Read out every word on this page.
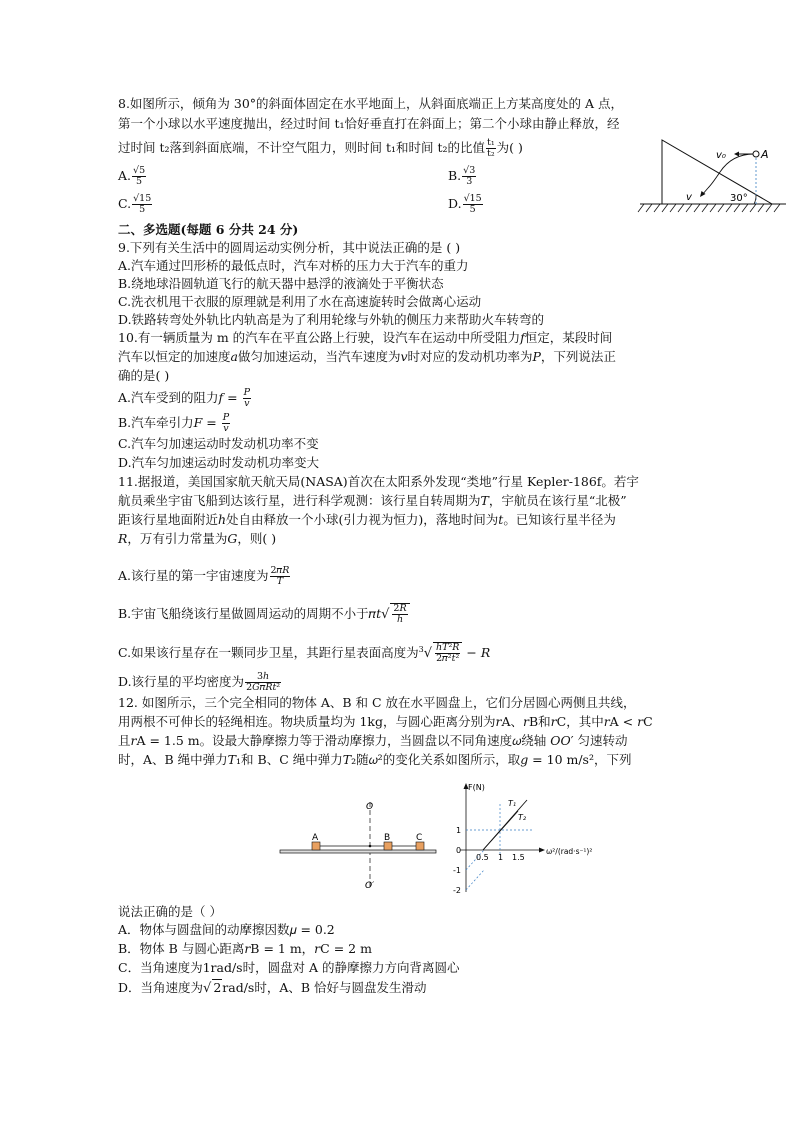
8.如图所示，倾角为 30°的斜面体固定在水平地面上，从斜面底端正上方某高度处的 A 点，
第一个小球以水平速度抛出，经过时间 t₁恰好垂直打在斜面上；第二个小球由静止释放，经
过时间 t₂落到斜面底端，不计空气阻力，则时间 t₁和时间 t₂的比值 $\frac{\text{t₁}}{\text{t₂}}$ 为( )
A. $\frac{√5}{5}$	B. $\frac{√3}{3}$
C. $\frac{√15}{5}$	D. $\frac{√15}{5}$
v₀	A
v	30°
二、多选题(每题 6 分共 24 分)
9.下列有关生活中的圆周运动实例分析，其中说法正确的是 ( )
A.汽车通过凹形桥的最低点时，汽车对桥的压力大于汽车的重力
B.绕地球沿圆轨道飞行的航天器中悬浮的液滴处于平衡状态
C.洗衣机甩干衣服的原理就是利用了水在高速旋转时会做离心运动
D.铁路转弯处外轨比内轨高是为了利用轮缘与外轨的侧压力来帮助火车转弯的
10.有一辆质量为 m 的汽车在平直公路上行驶，设汽车在运动中所受阻力𝑓恒定，某段时间
汽车以恒定的加速度𝑎做匀加速运动，当汽车速度为𝑣时对应的发动机功率为𝑃，下列说法正
确的是( )
A.汽车受到的阻力𝑓 = $\frac{\text{𝑃}}{\text{𝑣}}$
B.汽车牵引力𝐹 = $\frac{\text{𝑃}}{\text{𝑣}}$
C.汽车匀加速运动时发动机功率不变
D.汽车匀加速运动时发动机功率变大
11.据报道，美国国家航天航天局(NASA)首次在太阳系外发现“类地”行星 Kepler-186f。若宇
航员乘坐宇宙飞船到达该行星，进行科学观测：该行星自转周期为𝑇，宇航员在该行星“北极”
距该行星地面附近ℎ处自由释放一个小球(引力视为恒力)，落地时间为𝑡。已知该行星半径为
𝑅，万有引力常量为𝐺，则( )
A.该行星的第一宇宙速度为 $\frac{\text{2𝜋𝑅}}{\text{𝑇}}$
B.宇宙飞船绕该行星做圆周运动的周期不小于𝜋𝑡√ $\frac{\text{2𝑅}}{\text{ℎ}}$
C.如果该行星存在一颗同步卫星，其距行星表面高度为$^3√ \frac{\text{ℎ𝑇²𝑅}}{\text{2𝜋²𝑡²}}$ − 𝑅
D.该行星的平均密度为 $\frac{\text{3ℎ}}{\text{2𝐺𝜋𝑅𝑡²}}$
12. 如图所示，三个完全相同的物体 A、B 和 C 放在水平圆盘上，它们分居圆心两侧且共线，
用两根不可伸长的轻绳相连。物块质量均为 1kg，与圆心距离分别为𝑟A、𝑟B和𝑟C，其中𝑟A < 𝑟C
且𝑟A = 1.5 m。设最大静摩擦力等于滑动摩擦力，当圆盘以不同角速度𝜔绕轴 𝑂𝑂′ 匀速转动
时，A、B 绳中弹力𝑇₁和 B、C 绳中弹力𝑇₂随𝜔²的变化关系如图所示，取𝑔 = 10 m/s²，下列
O
O′
A	B	C
F(N)
ω²/(rad·s⁻¹)²
T₁
T₂
1
0
-1
-2
0.5 1 1.5
说法正确的是（ ）
A．物体与圆盘间的动摩擦因数𝜇 = 0.2
B．物体 B 与圆心距离𝑟B = 1 m，𝑟C = 2 m
C．当角速度为1rad/s时，圆盘对 A 的静摩擦力方向背离圆心
D．当角速度为√ 2rad/s时，A、B 恰好与圆盘发生滑动
